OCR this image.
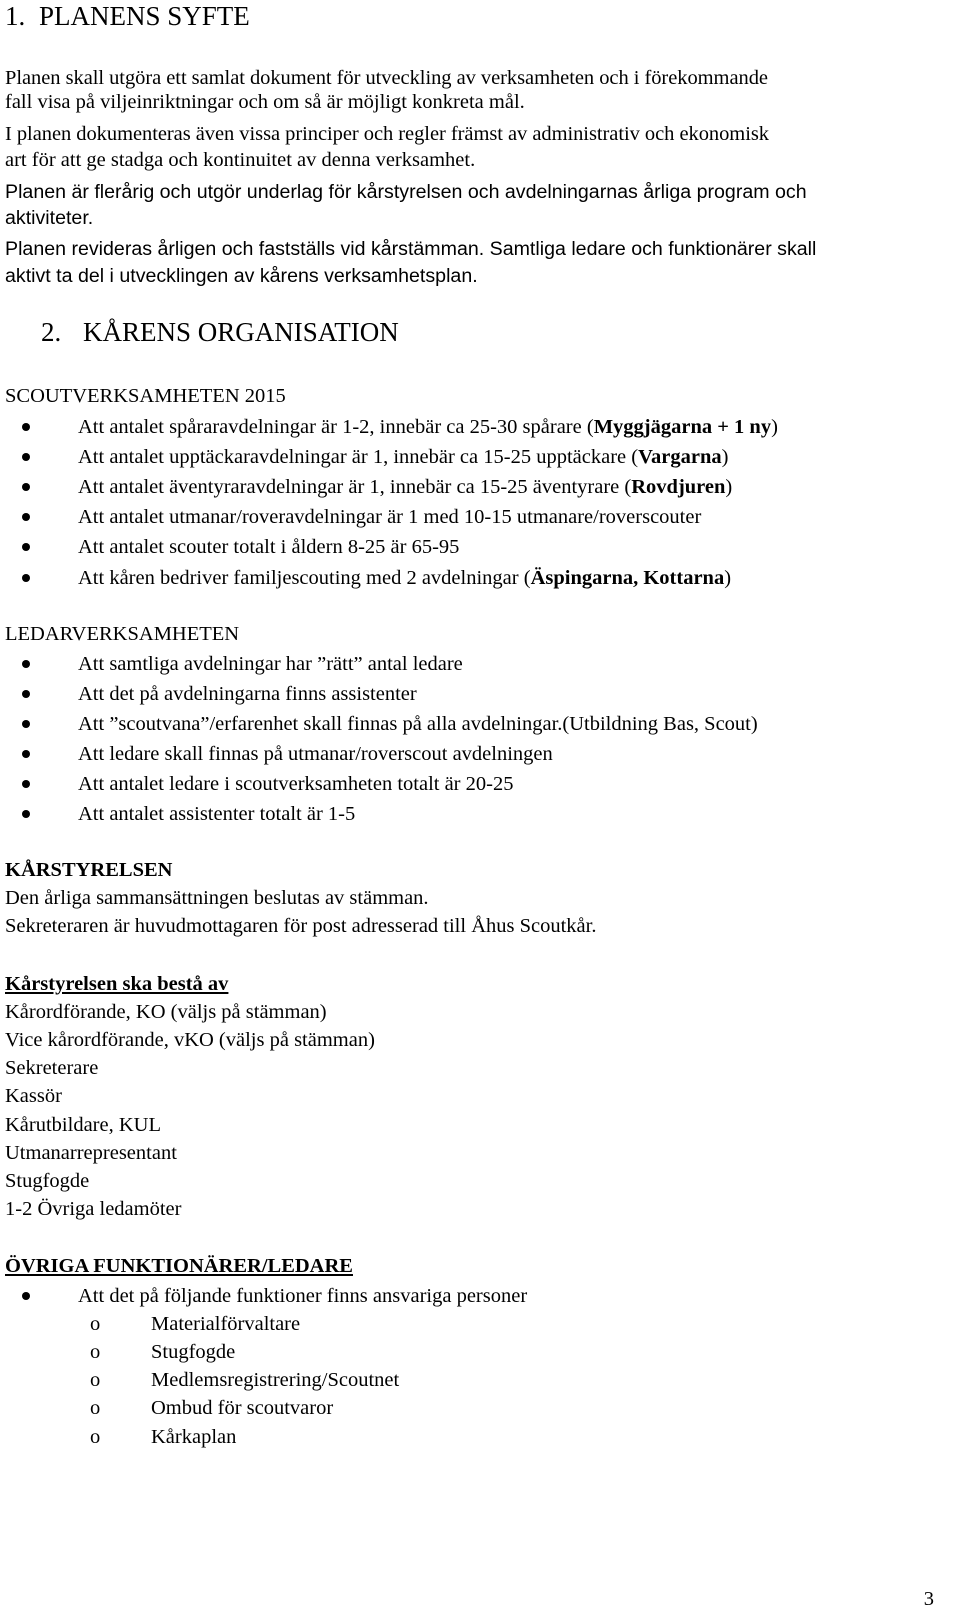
1. PLANENS SYFTE
Planen skall utgöra ett samlat dokument för utveckling av verksamheten och i förekommande
fall visa på viljeinriktningar och om så är möjligt konkreta mål.
I planen dokumenteras även vissa principer och regler främst av administrativ och ekonomisk
art för att ge stadga och kontinuitet av denna verksamhet.
Planen är flerårig och utgör underlag för kårstyrelsen och avdelningarnas årliga program och
aktiviteter.
Planen revideras årligen och fastställs vid kårstämman. Samtliga ledare och funktionärer skall
aktivt ta del i utvecklingen av kårens verksamhetsplan.
2. KÅRENS ORGANISATION
SCOUTVERKSAMHETEN 2015
Att antalet spåraravdelningar är 1-2, innebär ca 25-30 spårare (Myggjägarna + 1 ny)
Att antalet upptäckaravdelningar är 1, innebär ca 15-25 upptäckare (Vargarna)
Att antalet äventyraravdelningar är 1, innebär ca 15-25 äventyrare (Rovdjuren)
Att antalet utmanar/roveravdelningar är 1 med 10-15 utmanare/roverscouter
Att antalet scouter totalt i åldern 8-25 är 65-95
Att kåren bedriver familjescouting med 2 avdelningar (Äspingarna, Kottarna)
LEDARVERKSAMHETEN
Att samtliga avdelningar har ”rätt” antal ledare
Att det på avdelningarna finns assistenter
Att ”scoutvana”/erfarenhet skall finnas på alla avdelningar.(Utbildning Bas, Scout)
Att ledare skall finnas på utmanar/roverscout avdelningen
Att antalet ledare i scoutverksamheten totalt är 20-25
Att antalet assistenter totalt är 1-5
KÅRSTYRELSEN
Den årliga sammansättningen beslutas av stämman.
Sekreteraren är huvudmottagaren för post adresserad till Åhus Scoutkår.
Kårstyrelsen ska bestå av
Kårordförande, KO (väljs på stämman)
Vice kårordförande, vKO (väljs på stämman)
Sekreterare
Kassör
Kårutbildare, KUL
Utmanarrepresentant
Stugfogde
1-2 Övriga ledamöter
ÖVRIGA FUNKTIONÄRER/LEDARE
Att det på följande funktioner finns ansvariga personer
o Materialförvaltare
o Stugfogde
o Medlemsregistrering/Scoutnet
o Ombud för scoutvaror
o Kårkaplan
3
